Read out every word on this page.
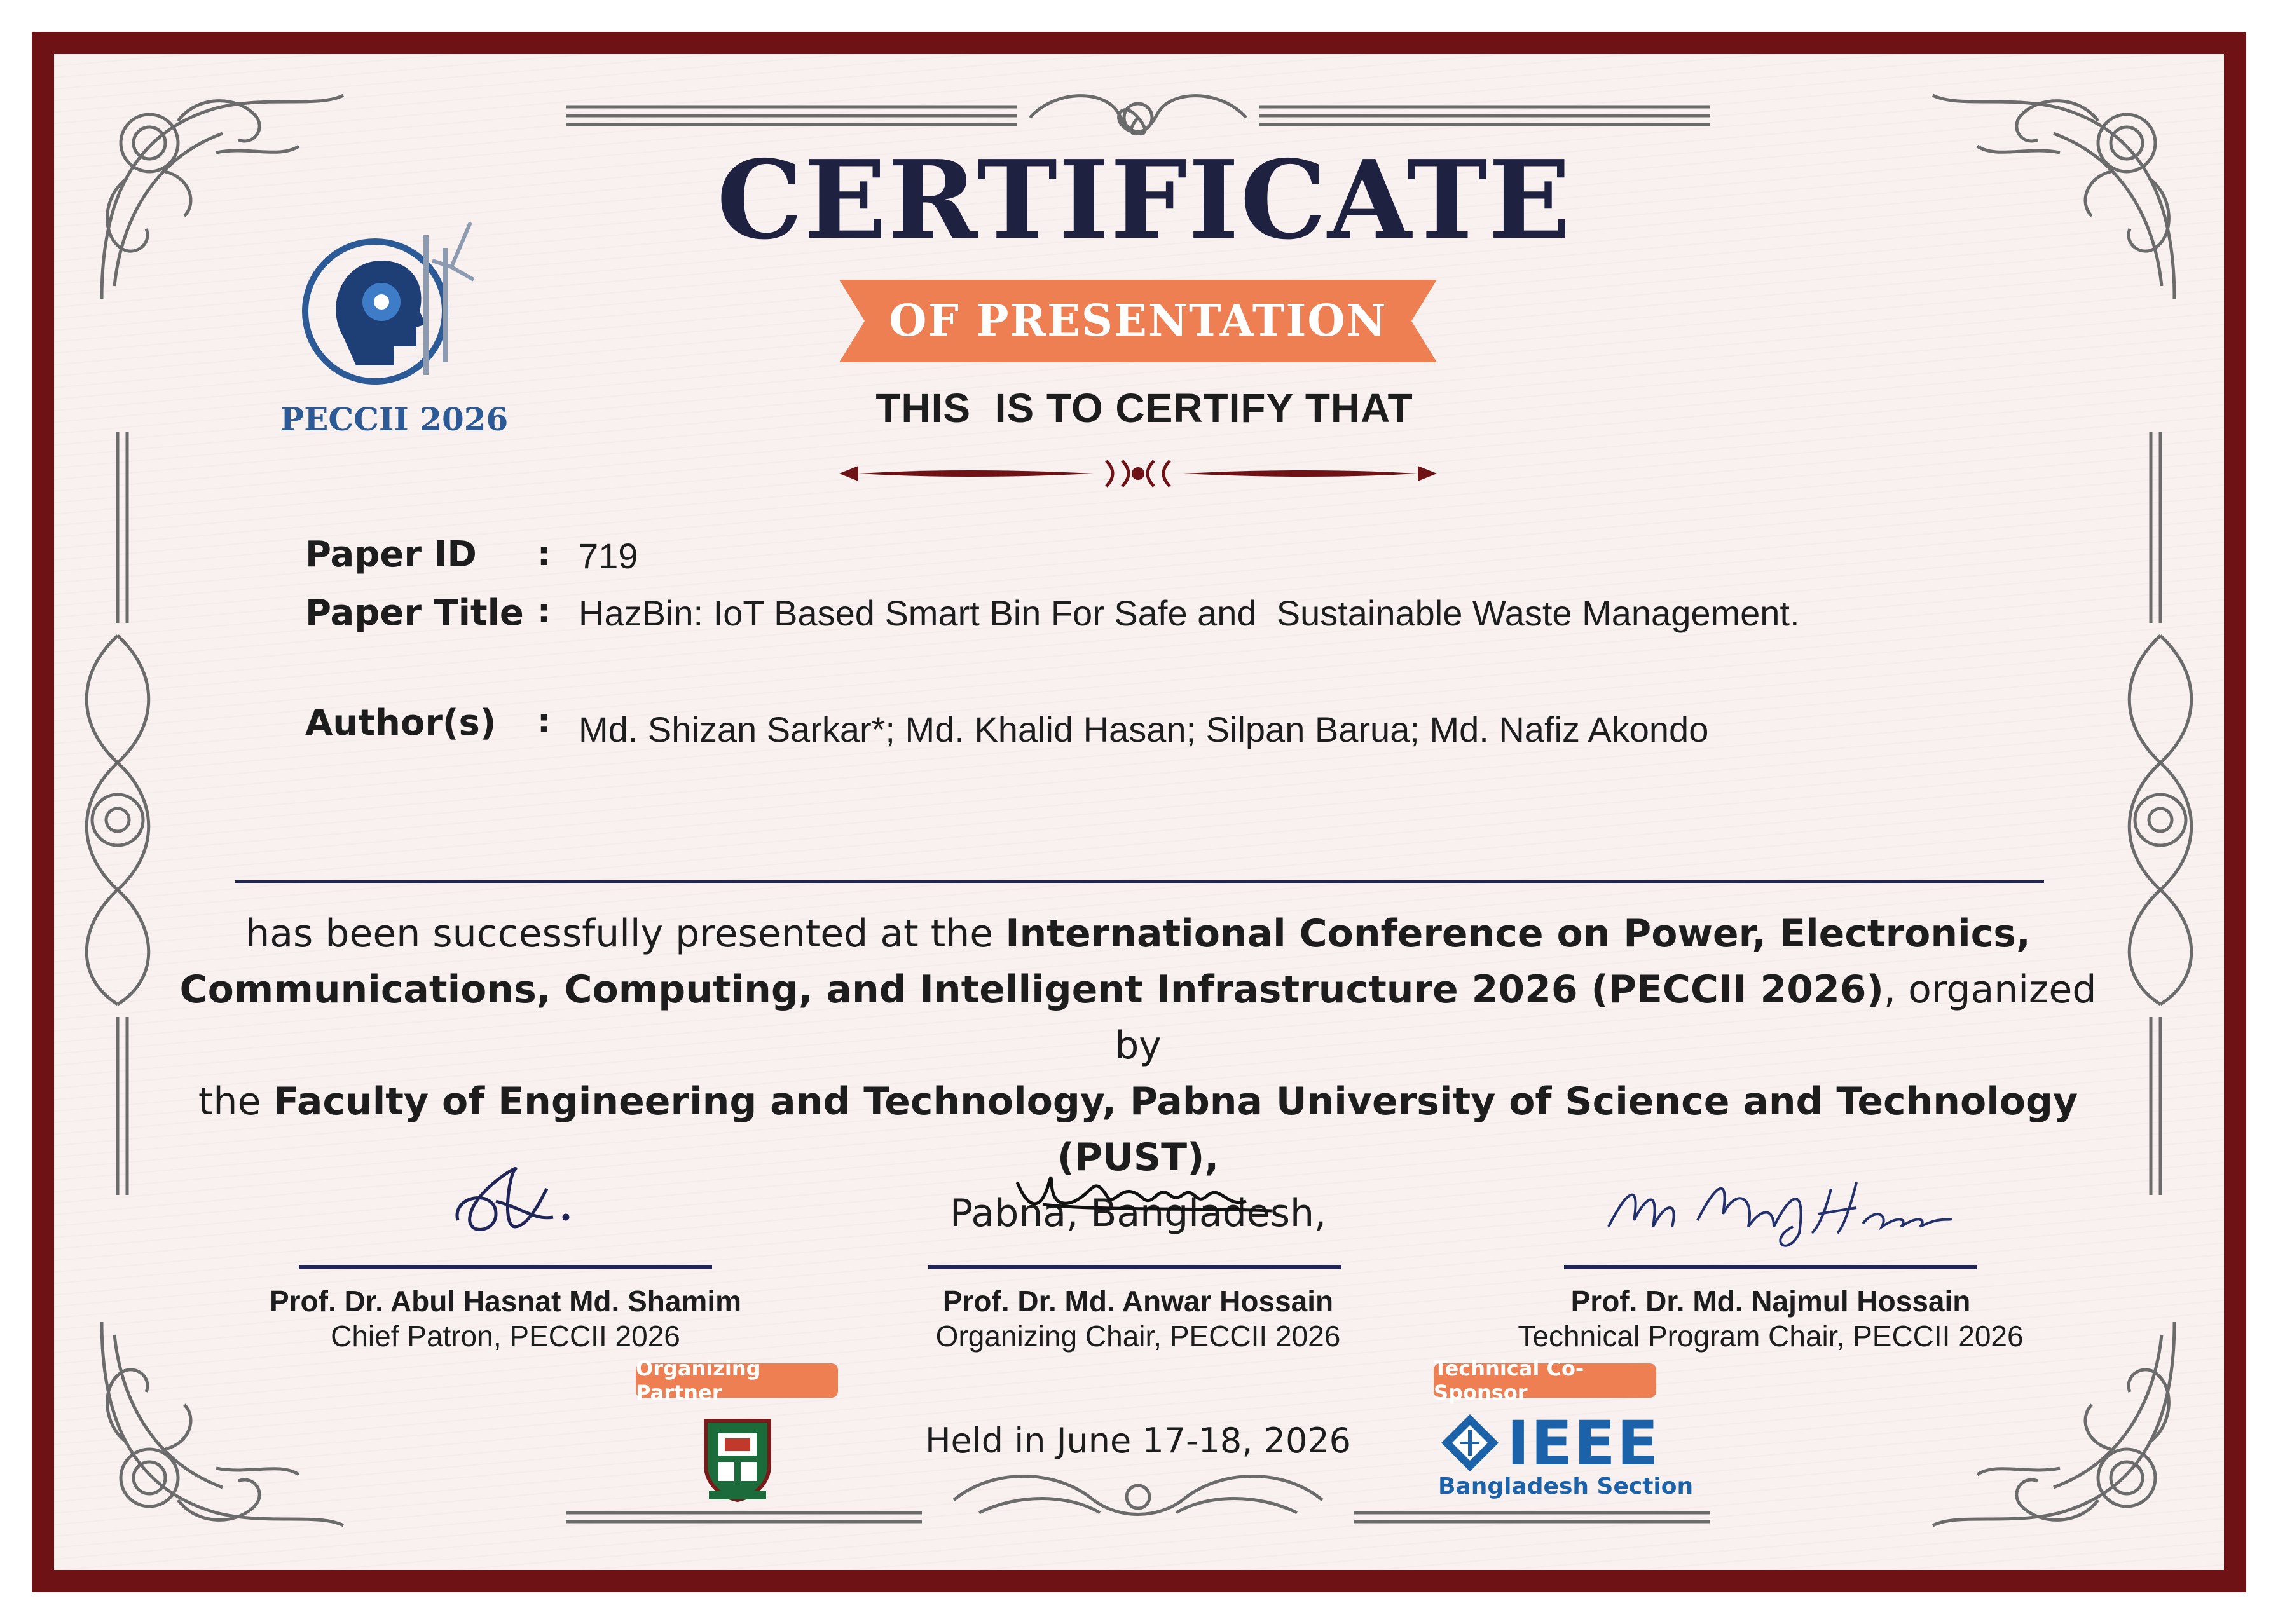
PECCII 2026
CERTIFICATE
OF PRESENTATION
THIS  IS TO CERTIFY THAT
Paper ID : 719
Paper Title : HazBin: IoT Based Smart Bin For Safe and  Sustainable Waste Management.
Author(s) : Md. Shizan Sarkar*; Md. Khalid Hasan; Silpan Barua; Md. Nafiz Akondo
has been successfully presented at the International Conference on Power, Electronics,
Communications, Computing, and Intelligent Infrastructure 2026 (PECCII 2026), organized by
the Faculty of Engineering and Technology, Pabna University of Science and Technology (PUST),
Pabna, Bangladesh,
Prof. Dr. Abul Hasnat Md. Shamim
Chief Patron, PECCII 2026
Prof. Dr. Md. Anwar Hossain
Organizing Chair, PECCII 2026
Prof. Dr. Md. Najmul Hossain
Technical Program Chair, PECCII 2026
Organizing Partner
Technical Co-Sponsor
Held in June 17-18, 2026	IEEE
Bangladesh Section
